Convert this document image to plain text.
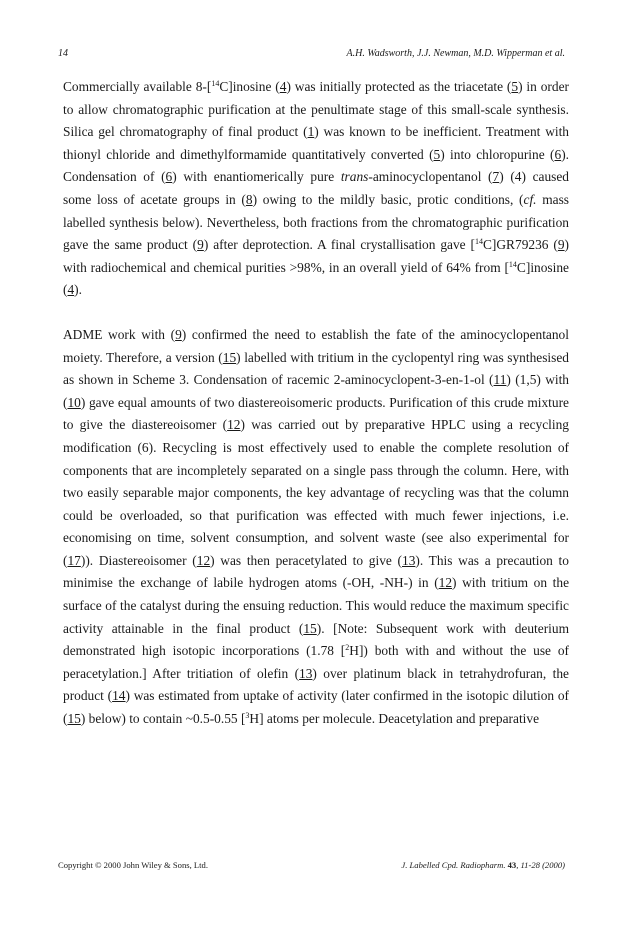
14	A.H. Wadsworth, J.J. Newman, M.D. Wipperman et al.

Commercially available 8-[$^{14}$C]inosine (4) was initially protected as the triacetate (5) in order to allow chromatographic purification at the penultimate stage of this small-scale synthesis. Silica gel chromatography of final product (1) was known to be inefficient. Treatment with thionyl chloride and dimethylformamide quantitatively converted (5) into chloropurine (6). Condensation of (6) with enantiomerically pure trans-aminocyclopentanol (7) (4) caused some loss of acetate groups in (8) owing to the mildly basic, protic conditions, (cf. mass labelled synthesis below). Nevertheless, both fractions from the chromatographic purification gave the same product (9) after deprotection. A final crystallisation gave [$^{14}$C]GR79236 (9) with radiochemical and chemical purities >98%, in an overall yield of 64% from [$^{14}$C]inosine (4).

ADME work with (9) confirmed the need to establish the fate of the aminocyclopentanol moiety. Therefore, a version (15) labelled with tritium in the cyclopentyl ring was synthesised as shown in Scheme 3. Condensation of racemic 2-aminocyclopent-3-en-1-ol (11) (1,5) with (10) gave equal amounts of two diastereoisomeric products. Purification of this crude mixture to give the diastereoisomer (12) was carried out by preparative HPLC using a recycling modification (6). Recycling is most effectively used to enable the complete resolution of components that are incompletely separated on a single pass through the column. Here, with two easily separable major components, the key advantage of recycling was that the column could be overloaded, so that purification was effected with much fewer injections, i.e. economising on time, solvent consumption, and solvent waste (see also experimental for (17)). Diastereoisomer (12) was then peracetylated to give (13). This was a precaution to minimise the exchange of labile hydrogen atoms (-OH, -NH-) in (12) with tritium on the surface of the catalyst during the ensuing reduction. This would reduce the maximum specific activity attainable in the final product (15). [Note: Subsequent work with deuterium demonstrated high isotopic incorporations (1.78 [$^2$H]) both with and without the use of peracetylation.] After tritiation of olefin (13) over platinum black in tetrahydrofuran, the product (14) was estimated from uptake of activity (later confirmed in the isotopic dilution of (15) below) to contain ~0.5-0.55 [$^3$H] atoms per molecule. Deacetylation and preparative

Copyright © 2000 John Wiley & Sons, Ltd.	J. Labelled Cpd. Radiopharm. 43, 11-28 (2000)
